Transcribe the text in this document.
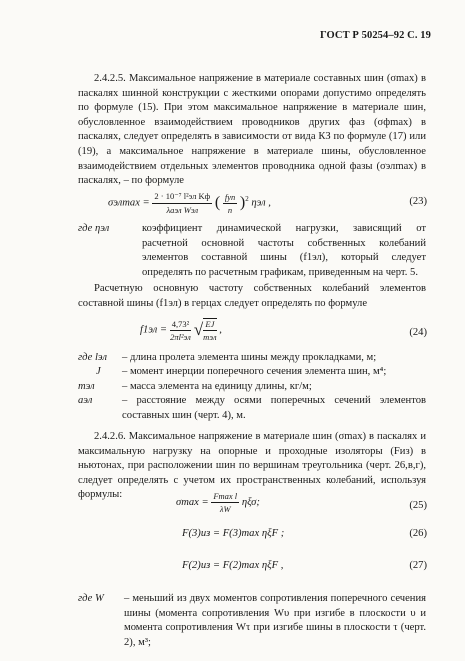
ГОСТ Р 50254–92 С. 19

2.4.2.5. Максимальное напряжение в материале составных шин (σmax) в паскалях шинной конструкции с жесткими опорами допустимо определять по формуле (15). При этом максимальное напряжение в материале шин, обусловленное взаимодействием проводников других фаз (σфmax) в паскалях, следует определять в зависимости от вида КЗ по формуле (17) или (19), а максимальное напряжение в материале шины, обусловленное взаимодействием отдельных элементов проводника одной фазы (σэлmax) в паскалях, – по формуле

$\sigma эл\max = \frac{\text{2 · 10⁻⁷ l²эл Kф}}{\text{λаэл Wэл}}$ ( $\frac{\text{fуп}}{n} )^2$ ηэл ,	(23)
где ηэл	коэффициент динамической нагрузки, зависящий от расчетной основной частоты собственных колебаний элементов составной шины (f1эл), который следует определять по расчетным графикам, приведенным на черт. 5.

Расчетную основную частоту собственных колебаний элементов составной шины (f1эл) в герцах следует определять по формуле

$f1эл = \frac{\text{4,73²}}{\text{2πl²эл}}$ √ $\frac{EJ}{\text{mэл}}$ ,	(24)
где lэл – длина пролета элемента шины между прокладками, м;
J – момент инерции поперечного сечения элемента шин, м⁴;
mэл	– масса элемента на единицу длины, кг/м;
аэл	– расстояние между осями поперечных сечений элементов составных шин (черт. 4), м.

2.4.2.6. Максимальное напряжение в материале шин (σmax) в паскалях и максимальную нагрузку на опорные и проходные изоляторы (Fиз) в ньютонах, при расположении шин по вершинам треугольника (черт. 26,в,г), следует определять с учетом их пространственных колебаний, используя формулы:

$\sigma\max = \frac{\text{Fmax l}}{\lambda W} \eta\xi\sigma$;	(25)
F(3)из = F(3)max ηξF ;	(26)
F(2)из = F(2)max ηξF ,	(27)
где W – меньший из двух моментов сопротивления поперечного сечения шины (момента сопротивления Wυ при изгибе в плоскости υ и момента сопротивления Wτ при изгибе шины в плоскости τ (черт. 2), м³;
